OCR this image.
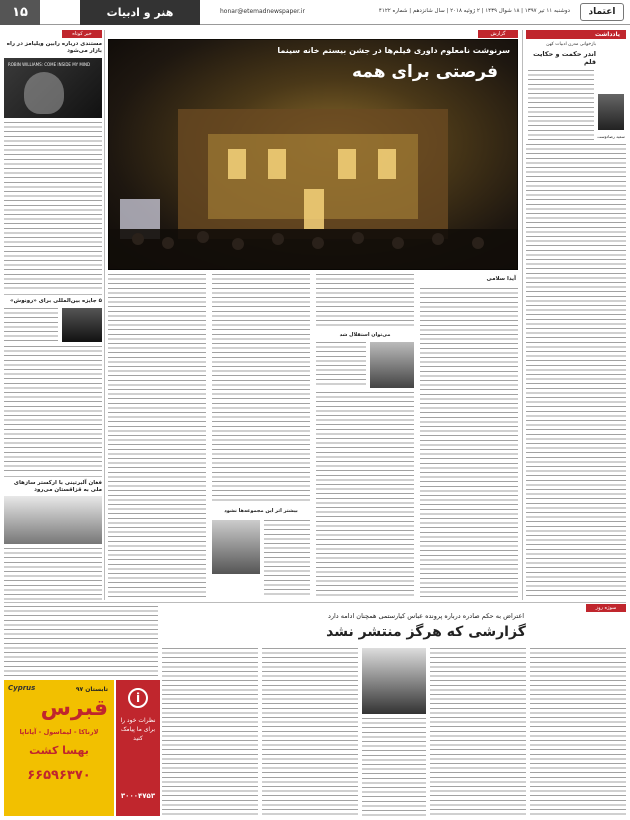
اعتماد
دوشنبه ۱۱ تیر ۱۳۹۷ | ۱۸ شوال ۱۴۳۹ | ۲ ژوئیه ۲۰۱۸ | سال شانزدهم | شماره ۴۱۲۲
honar@etemadnewspaper.ir
هنر و ادبیات
۱۵
یادداشت
بازخوانی مدرن ادبیات کهن
اندر حکمت و حکایت قلم
سعید رضادوست
گزارش
سرنوشت نامعلوم داوری فیلم‌ها در جشن بیستم خانه سینما
فرصتی برای همه
آیدا سلامی
می‌توان استقلال شد
بیشتر اثر این مجموعه‌ها نشود
خبر کوتاه
مستندی درباره رابین ویلیامز در راه بازار می‌شود
ROBIN WILLIAMS: COME INSIDE MY MIND
۵ جایزه بین‌المللی برای «رونوش»
فغان آلبرتینی با ارکستر سازهای ملی به قزاقستان می‌رود
سوژه روز
اعتراض به حکم صادره درباره پرونده عباس کیارستمی همچنان ادامه دارد
گزارشی که هرگز منتشر نشد
Cyprus	تابستان ۹۷
قبرس
لارناکا - لیماسول - آیاناپا
بهسا کشت
۶۶۵۹۶۳۷۰
i
نظرات خود را برای ما پیامک کنید
۳۰۰۰۴۷۵۳
